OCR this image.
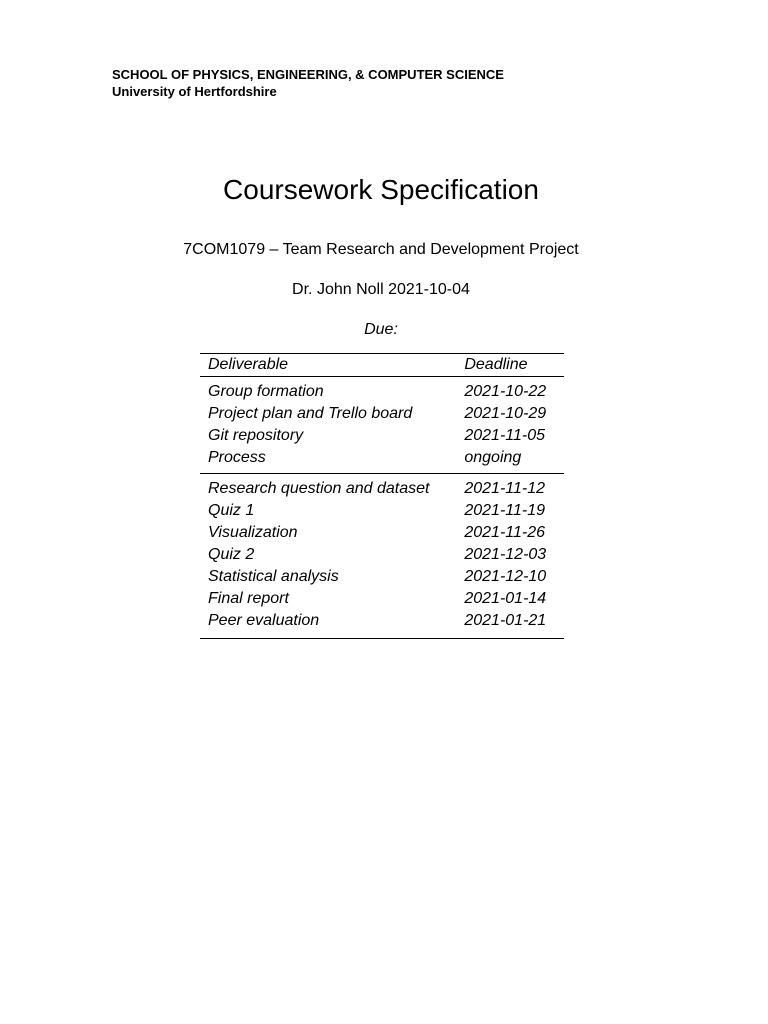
SCHOOL OF PHYSICS, ENGINEERING, & COMPUTER SCIENCE
University of Hertfordshire
Coursework Specification
7COM1079 – Team Research and Development Project
Dr. John Noll 2021-10-04
Due:
Deliverable	Deadline
Group formation	2021-10-22
Project plan and Trello board	2021-10-29
Git repository	2021-11-05
Process	ongoing
Research question and dataset	2021-11-12
Quiz 1	2021-11-19
Visualization	2021-11-26
Quiz 2	2021-12-03
Statistical analysis	2021-12-10
Final report	2021-01-14
Peer evaluation	2021-01-21
